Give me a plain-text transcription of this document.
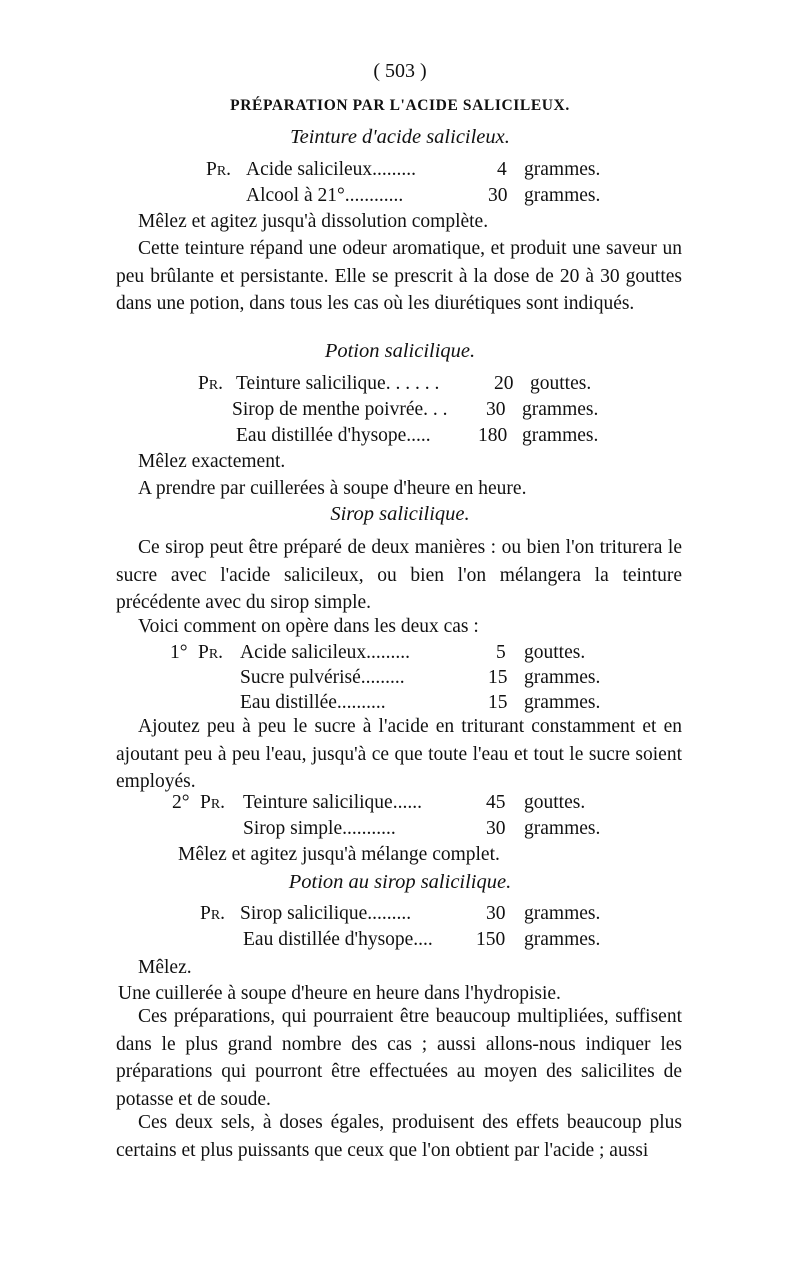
( 503 )
PRÉPARATION PAR L'ACIDE SALICILEUX.
Teinture d'acide salicileux.
Pr. Acide salicileux.........	4 grammes.
Alcool à 21°............	30 grammes.
Mêlez et agitez jusqu'à dissolution complète.
Cette teinture répand une odeur aromatique, et produit une saveur un peu brûlante et persistante. Elle se prescrit à la dose de 20 à 30 gouttes dans une potion, dans tous les cas où les diurétiques sont indiqués.
Potion salicilique.
Pr. Teinture salicilique. . . . . .	20 gouttes.
Sirop de menthe poivrée. . . 30 grammes.
Eau distillée d'hysope..... 180 grammes.
Mêlez exactement.
A prendre par cuillerées à soupe d'heure en heure.
Sirop salicilique.
Ce sirop peut être préparé de deux manières : ou bien l'on triturera le sucre avec l'acide salicileux, ou bien l'on mélangera la teinture précédente avec du sirop simple.
Voici comment on opère dans les deux cas :
1° Pr. Acide salicileux.........	5 gouttes.
Sucre pulvérisé.........	15 grammes.
Eau distillée..........	15 grammes.
Ajoutez peu à peu le sucre à l'acide en triturant constamment et en ajoutant peu à peu l'eau, jusqu'à ce que toute l'eau et tout le sucre soient employés.
2° Pr. Teinture salicilique......	45 gouttes.
Sirop simple...........	30 grammes.
Mêlez et agitez jusqu'à mélange complet.
Potion au sirop salicilique.
Pr. Sirop salicilique.........	30 grammes.
Eau distillée d'hysope.... 150 grammes.
Mêlez.
Une cuillerée à soupe d'heure en heure dans l'hydropisie.
Ces préparations, qui pourraient être beaucoup multipliées, suffisent dans le plus grand nombre des cas ; aussi allons-nous indiquer les préparations qui pourront être effectuées au moyen des salicilites de potasse et de soude.
Ces deux sels, à doses égales, produisent des effets beaucoup plus certains et plus puissants que ceux que l'on obtient par l'acide ; aussi
